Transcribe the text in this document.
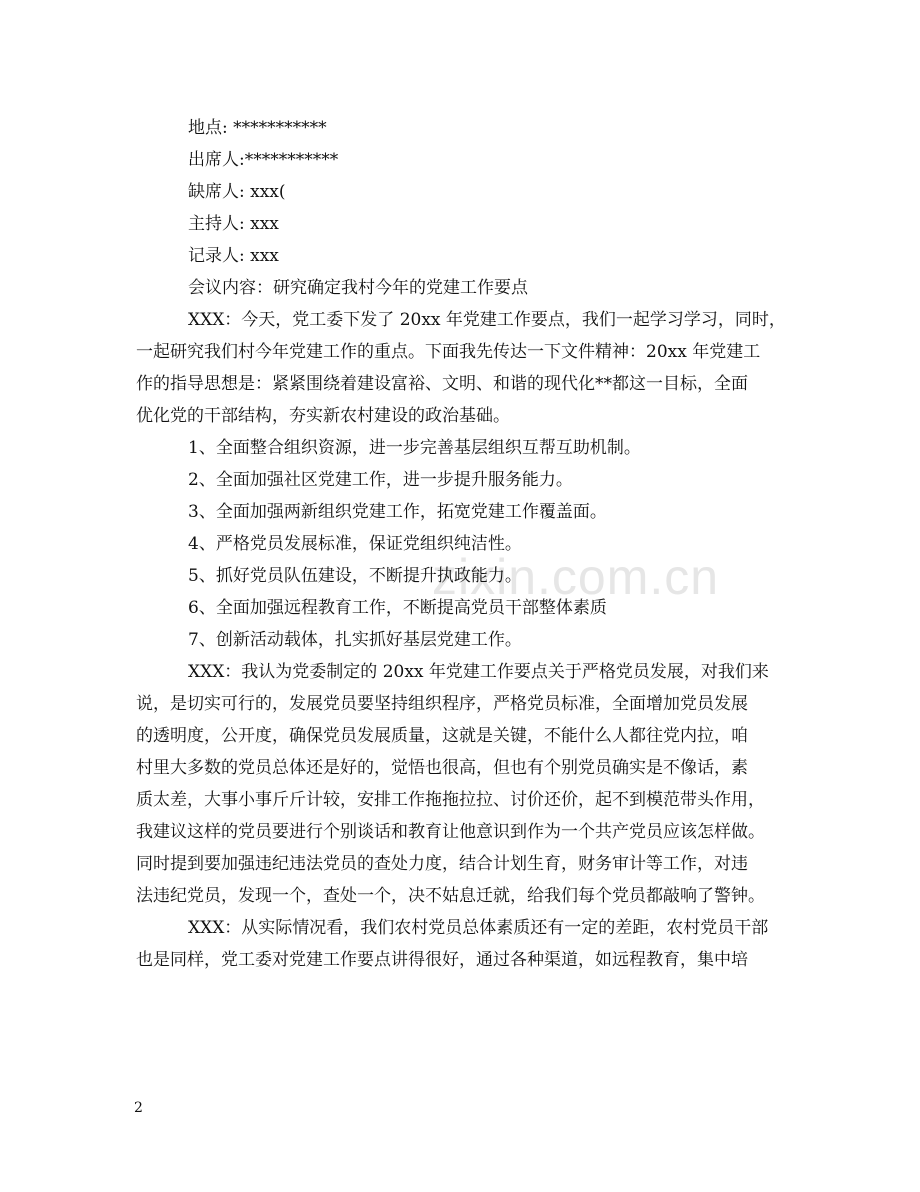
zixin.com.cn
地点: ***********
出席人:***********
缺席人: xxx(
主持人: xxx
记录人: xxx
会议内容：研究确定我村今年的党建工作要点
XXX：今天，党工委下发了 20xx 年党建工作要点，我们一起学习学习，同时，
一起研究我们村今年党建工作的重点。下面我先传达一下文件精神：20xx 年党建工
作的指导思想是：紧紧围绕着建设富裕、文明、和谐的现代化**都这一目标，全面
优化党的干部结构，夯实新农村建设的政治基础。
1、全面整合组织资源，进一步完善基层组织互帮互助机制。
2、全面加强社区党建工作，进一步提升服务能力。
3、全面加强两新组织党建工作，拓宽党建工作覆盖面。
4、严格党员发展标准，保证党组织纯洁性。
5、抓好党员队伍建设，不断提升执政能力。
6、全面加强远程教育工作，不断提高党员干部整体素质
7、创新活动载体，扎实抓好基层党建工作。
XXX：我认为党委制定的 20xx 年党建工作要点关于严格党员发展，对我们来
说，是切实可行的，发展党员要坚持组织程序，严格党员标准，全面增加党员发展
的透明度，公开度，确保党员发展质量，这就是关键，不能什么人都往党内拉，咱
村里大多数的党员总体还是好的，觉悟也很高，但也有个别党员确实是不像话，素
质太差，大事小事斤斤计较，安排工作拖拖拉拉、讨价还价，起不到模范带头作用，
我建议这样的党员要进行个别谈话和教育让他意识到作为一个共产党员应该怎样做。
同时提到要加强违纪违法党员的查处力度，结合计划生育，财务审计等工作，对违
法违纪党员，发现一个，查处一个，决不姑息迁就，给我们每个党员都敲响了警钟。
XXX：从实际情况看，我们农村党员总体素质还有一定的差距，农村党员干部
也是同样，党工委对党建工作要点讲得很好，通过各种渠道，如远程教育，集中培
2
